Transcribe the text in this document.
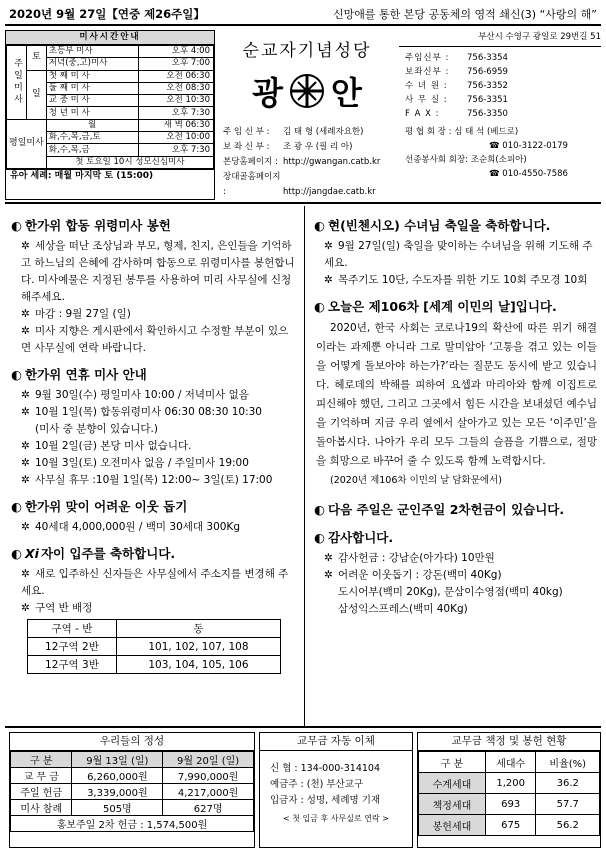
2020년 9월 27일【연중 제26주일】	신망애를 통한 본당 공동체의 영적 쇄신(3) “사랑의 해”
미사시간안내
주일미사	토	초등부 미사	오후 4:00
		저녁(중,고)미사	오후 7:00
	일	첫 째 미 사	오전 06:30
		둘 째 미 사	오전 08:30
		교 중 미 사	오전 10:30
		청 년 미 사	오후 7:30
평일미사		월	새 벽 06:30
		화,수,목,금,토	오전 10:00
		화,수,목,금	오후 7:30
		첫 토요일 10시 성모신심미사	
유아 세례: 매월 마지막 토 (15:00)
순교자기념성당
광 안
주 임 신 부 : 김 태 형 (세례자요한)
보 좌 신 부 : 조 광 우 (필 리 아)
본당홈페이지 : http://gwangan.catb.kr
장대골홈페이지 :	http://jangdae.catb.kr
부산시 수영구 광일로 29번길 51
주임신부 :	756-3354
보좌신부 :	756-6959
수 녀 원 :	756-3352
사 무 실 :	756-3351
F A X :	756-3350
평 협 회 장 : 심 태 석 (베드로)
☎ 010-3122-0179
선종봉사회 회장: 조순희(소피아)
☎ 010-4550-7586
◐ 한가위 합동 위령미사 봉헌
✲ 세상을 떠난 조상님과 부모, 형제, 친지, 은인들을 기억하고 하느님의 은혜에 감사하며 합동으로 위령미사를 봉헌합니다. 미사예물은 지정된 봉투를 사용하여 미리 사무실에 신청해주세요.
✲ 마감 : 9월 27일 (일)
✲ 미사 지향은 게시판에서 확인하시고 수정할 부분이 있으면 사무실에 연락 바랍니다.
◐ 한가위 연휴 미사 안내
✲ 9월 30일(수) 평일미사 10:00 / 저녁미사 없음
✲ 10월 1일(목) 합동위령미사 06:30 08:30 10:30
(미사 중 분향이 있습니다.)
✲ 10월 2일(금) 본당 미사 없습니다.
✲ 10월 3일(토) 오전미사 없음 / 주일미사 19:00
✲ 사무실 휴무 :10월 1일(목) 12:00~ 3일(토) 17:00
◐ 한가위 맞이 어려운 이웃 돕기
✲ 40세대 4,000,000원 / 백미 30세대 300Kg
◐ Xi 자이 입주를 축하합니다.
✲ 새로 입주하신 신자들은 사무실에서 주소지를 변경해 주세요.
✲ 구역 반 배정
구역 - 반	동
12구역 2반	101, 102, 107, 108
12구역 3반	103, 104, 105, 106
◐ 현(빈첸시오) 수녀님 축일을 축하합니다.
✲ 9월 27일(일) 축일을 맞이하는 수녀님을 위해 기도해 주세요.
✲ 목주기도 10단, 수도자를 위한 기도 10회 주모경 10회
◐ 오늘은 제106차 [세계 이민의 날]입니다.
2020년, 한국 사회는 코로나19의 확산에 따른 위기 해결이라는 과제뿐 아니라 그로 말미암아 ‘고통을 겪고 있는 이들을 어떻게 돌보아야 하는가?’라는 질문도 동시에 받고 있습니다. 헤로데의 박해를 피하여 요셉과 마리아와 함께 이집트로 피신해야 했던, 그리고 그곳에서 힘든 시간을 보내셨던 예수님을 기억하며 지금 우리 옆에서 살아가고 있는 모든 ‘이주민’을 돌아봅시다. 나아가 우리 모두 그들의 슬픔을 기쁨으로, 절망을 희망으로 바꾸어 줄 수 있도록 함께 노력합시다.
(2020년 제106차 이민의 날 담화문에서)
◐ 다음 주일은 군인주일 2차헌금이 있습니다.
◐ 감사합니다.
✲ 감사헌금 : 강남순(아가다) 10만원
✲ 어려운 이웃돕기 : 강돈(백미 40Kg)
도시어부(백미 20Kg), 문삼이수영점(백미 40kg)
삼성익스프레스(백미 40Kg)
우리들의 정성
구 분	9월 13일 (일)	9월 20일 (일)
교 무 금	6,260,000원	7,990,000원
주일 헌금	3,339,000원	4,217,000원
미사 참례	505명	627명
홍보주일 2차 헌금 : 1,574,500원		
교무금 자동 이체
신 협 : 134-000-314104
예금주 : (천) 부산교구
입금자 : 성명, 세례명 기재
< 첫 입금 후 사무실로 연락 >
교무금 책정 및 봉헌 현황
구 분	세대수	비율(%)
수계세대	1,200	36.2
책정세대	693	57.7
봉헌세대	675	56.2
